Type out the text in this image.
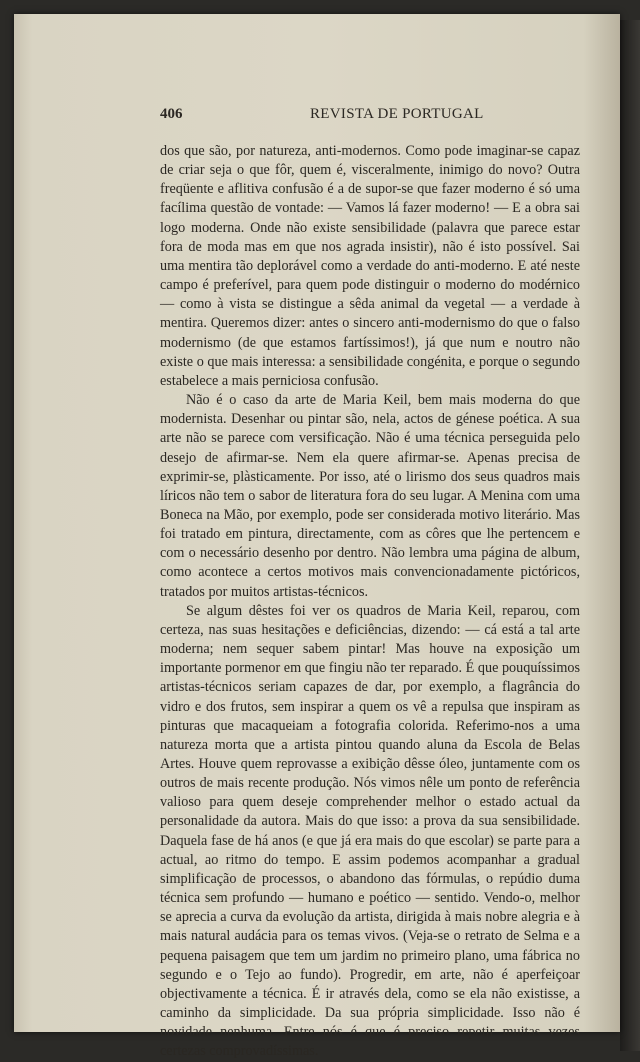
406	REVISTA DE PORTUGAL

dos que são, por natureza, anti-modernos. Como pode imaginar-se capaz de criar seja o que fôr, quem é, visceralmente, inimigo do novo? Outra freqüente e aflitiva confusão é a de supor-se que fazer moderno é só uma facílima questão de vontade: — Vamos lá fazer moderno! — E a obra sai logo moderna. Onde não existe sensibilidade (palavra que parece estar fora de moda mas em que nos agrada insistir), não é isto possível. Sai uma mentira tão deplorável como a verdade do anti-moderno. E até neste campo é preferível, para quem pode distinguir o moderno do modérnico — como à vista se distingue a sêda animal da vegetal — a verdade à mentira. Queremos dizer: antes o sincero anti-modernismo do que o falso modernismo (de que estamos fartíssimos!), já que num e noutro não existe o que mais interessa: a sensibilidade congénita, e porque o segundo estabelece a mais perniciosa confusão.

Não é o caso da arte de Maria Keil, bem mais moderna do que modernista. Desenhar ou pintar são, nela, actos de génese poética. A sua arte não se parece com versificação. Não é uma técnica perseguida pelo desejo de afirmar-se. Nem ela quere afirmar-se. Apenas precisa de exprimir-se, plàsticamente. Por isso, até o lirismo dos seus quadros mais líricos não tem o sabor de literatura fora do seu lugar. A Menina com uma Boneca na Mão, por exemplo, pode ser considerada motivo literário. Mas foi tratado em pintura, directamente, com as côres que lhe pertencem e com o necessário desenho por dentro. Não lembra uma página de album, como acontece a certos motivos mais convencionadamente pictóricos, tratados por muitos artistas-técnicos.

Se algum dêstes foi ver os quadros de Maria Keil, reparou, com certeza, nas suas hesitações e deficiências, dizendo: — cá está a tal arte moderna; nem sequer sabem pintar! Mas houve na exposição um importante pormenor em que fingiu não ter reparado. É que pouquíssimos artistas-técnicos seriam capazes de dar, por exemplo, a flagrância do vidro e dos frutos, sem inspirar a quem os vê a repulsa que inspiram as pinturas que macaqueiam a fotografia colorida. Referimo-nos a uma natureza morta que a artista pintou quando aluna da Escola de Belas Artes. Houve quem reprovasse a exibição dêsse óleo, juntamente com os outros de mais recente produção. Nós vimos nêle um ponto de referência valioso para quem deseje comprehender melhor o estado actual da personalidade da autora. Mais do que isso: a prova da sua sensibilidade. Daquela fase de há anos (e que já era mais do que escolar) se parte para a actual, ao ritmo do tempo. E assim podemos acompanhar a gradual simplificação de processos, o abandono das fórmulas, o repúdio duma técnica sem profundo — humano e poético — sentido. Vendo-o, melhor se aprecia a curva da evolução da artista, dirigida à mais nobre alegria e à mais natural audácia para os temas vivos. (Veja-se o retrato de Selma e a pequena paisagem que tem um jardim no primeiro plano, uma fábrica no segundo e o Tejo ao fundo). Progredir, em arte, não é aperfeiçoar objectivamente a técnica. É ir através dela, como se ela não existisse, a caminho da simplicidade. Da sua própria simplicidade. Isso não é novidade nenhuma. Entre nós é que é preciso repetir muitas vezes certezas comprovadíssimas.
